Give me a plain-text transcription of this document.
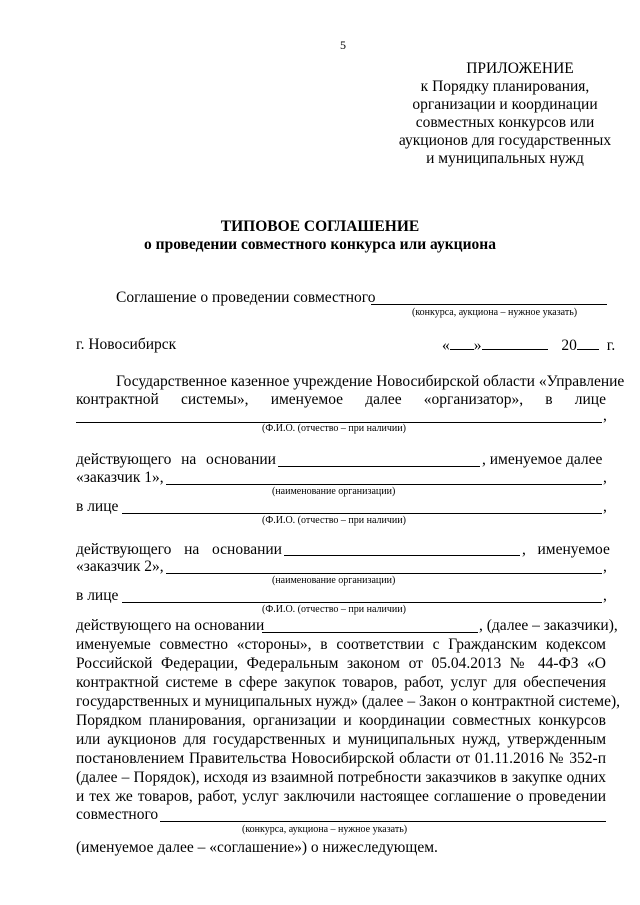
5
ПРИЛОЖЕНИЕ
к Порядку планирования,
организации и координации
совместных конкурсов или
аукционов для государственных
и муниципальных нужд
ТИПОВОЕ СОГЛАШЕНИЕ
о проведении совместного конкурса или аукциона
Соглашение о проведении совместного
(конкурса, аукциона – нужное указать)
г. Новосибирск	« »	20 г.
Государственное казенное учреждение Новосибирской области «Управление
контрактной системы», именуемое далее «организатор», в лице
,
(Ф.И.О. (отчество – при наличии)
действующего на основании	, именуемое далее
«заказчик 1»,	,
(наименование организации)
в лице	,
(Ф.И.О. (отчество – при наличии)
действующего на основании	,   именуемое
«заказчик 2»,	,
(наименование организации)
в лице	,
(Ф.И.О. (отчество – при наличии)
действующего на основании	, (далее – заказчики),
именуемые совместно «стороны», в соответствии с Гражданским кодексом
Российской Федерации, Федеральным законом от 05.04.2013 № 44-ФЗ «О
контрактной системе в сфере закупок товаров, работ, услуг для обеспечения
государственных и муниципальных нужд» (далее – Закон о контрактной системе),
Порядком планирования, организации и координации совместных конкурсов
или аукционов для государственных и муниципальных нужд, утвержденным
постановлением Правительства Новосибирской области от 01.11.2016 № 352-п
(далее – Порядок), исходя из взаимной потребности заказчиков в закупке одних
и тех же товаров, работ, услуг заключили настоящее соглашение о проведении
совместного
(конкурса, аукциона – нужное указать)
(именуемое далее – «соглашение») о нижеследующем.
